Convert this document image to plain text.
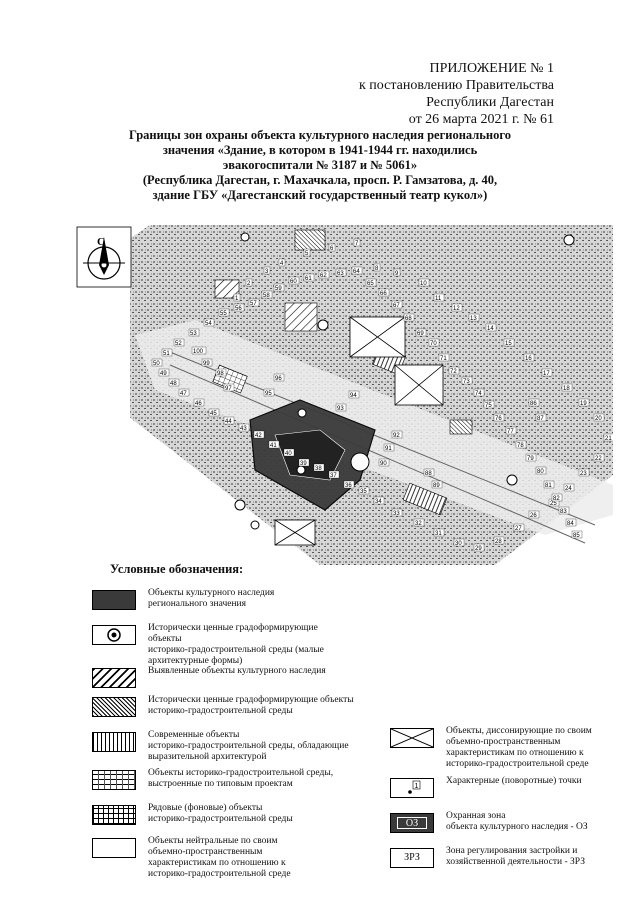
ПРИЛОЖЕНИЕ № 1
к постановлению Правительства
Республики Дагестан
от 26 марта 2021 г. № 61
Границы зон охраны объекта культурного наследия регионального
значения «Здание, в котором в 1941-1944 гг. находились
эвакогоспитали № 3187 и № 5061»
(Республика Дагестан, г. Махачкала, просп. Р. Гамзатова, д. 40,
здание ГБУ «Дагестанский государственный театр кукол»)
С
1
2
3
4
5
6
7
8
9
10
11
12
13
14
15
16
17
18
19
20
21
22
23
24
25
26
27
28
29
30
31
32
33
34
35
36
37
38
39
40
41
42
43
44
45
46
47
48
49
50
51
52
53
54
55
56
57
58
59
60 61 62 63 64
65
66
67
68
69
70
71
72
73
74
75
76
77
78
79
80
81
82
83
84
85
86
87
88
89
90
91
92
93
94
95
96
97
98
99
100
Условные обозначения:
Объекты культурного наследия
регионального значения
Исторически ценные градоформирующие
объекты
историко-градостроительной среды (малые
архитектурные формы)
Выявленные объекты культурного наследия
Исторически ценные градоформирующие объекты
историко-градостроительной среды
Современные объекты
историко-градостроительной среды, обладающие
выразительной архитектурой
Объекты историко-градостроительной среды,
выстроенные по типовым проектам
Рядовые (фоновые) объекты
историко-градостроительной среды
Объекты нейтральные по своим
объемно-пространственным
характеристикам по отношению к
историко-градостроительной среде
Объекты, диссонирующие по своим
объемно-пространственным
характеристикам по отношению к
историко-градостроительной среде
1
Характерные (поворотные) точки
ОЗ
Охранная зона
объекта культурного наследия - ОЗ
ЗРЗ
Зона регулирования застройки и
хозяйственной деятельности - ЗРЗ
